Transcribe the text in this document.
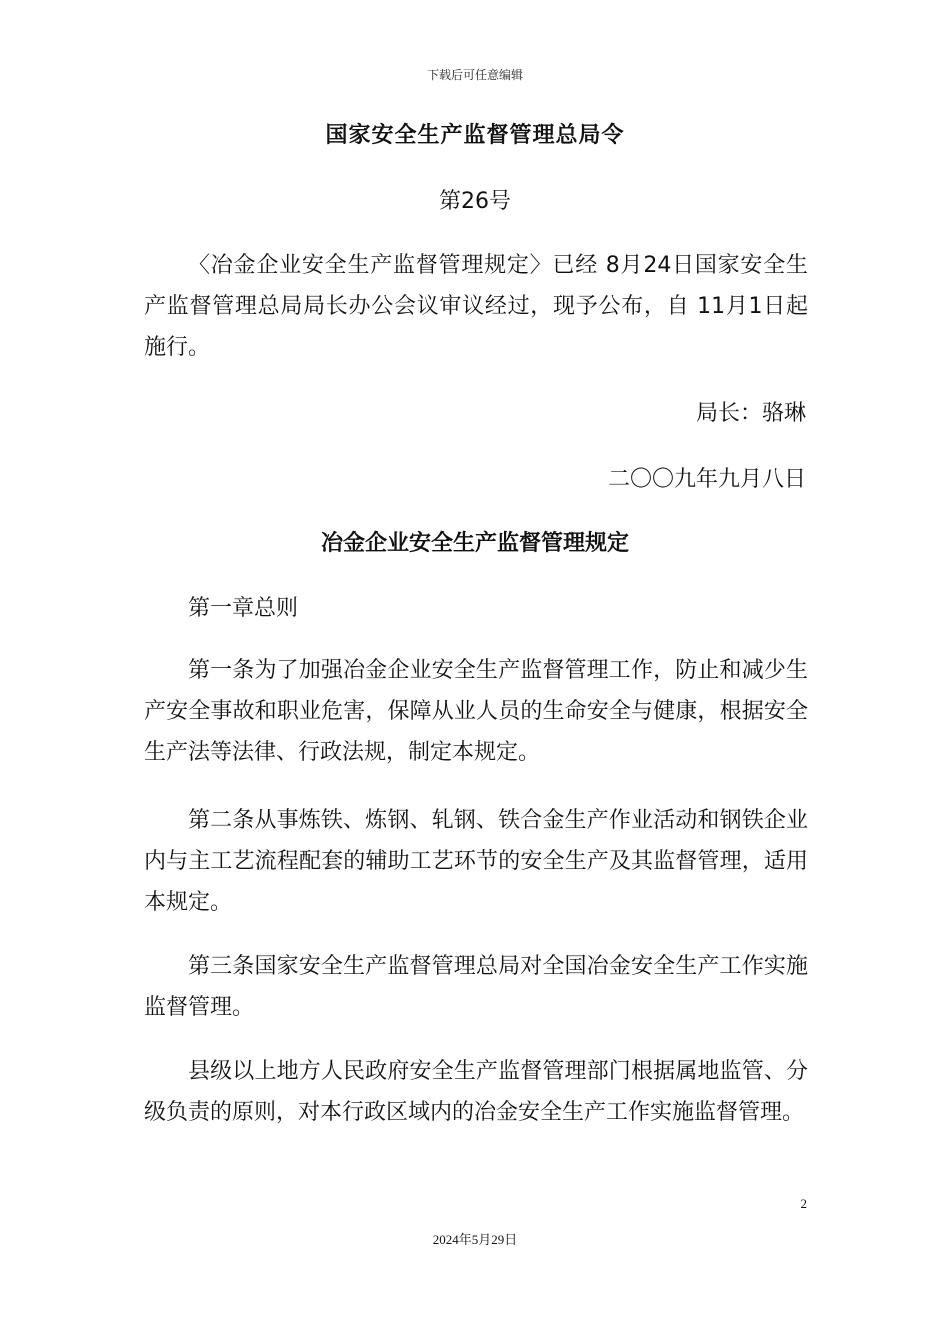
下载后可任意编辑
国家安全生产监督管理总局令
第26号

〈冶金企业安全生产监督管理规定〉已经 8月24日国家安全生产监督管理总局局长办公会议审议经过，现予公布，自 11月1日起施行。

局长：骆琳
二〇〇九年九月八日
冶金企业安全生产监督管理规定

第一章总则

第一条为了加强冶金企业安全生产监督管理工作，防止和减少生产安全事故和职业危害，保障从业人员的生命安全与健康，根据安全生产法等法律、行政法规，制定本规定。

第二条从事炼铁、炼钢、轧钢、铁合金生产作业活动和钢铁企业内与主工艺流程配套的辅助工艺环节的安全生产及其监督管理，适用本规定。

第三条国家安全生产监督管理总局对全国冶金安全生产工作实施监督管理。

县级以上地方人民政府安全生产监督管理部门根据属地监管、分级负责的原则，对本行政区域内的冶金安全生产工作实施监督管理。

2
2024年5月29日
